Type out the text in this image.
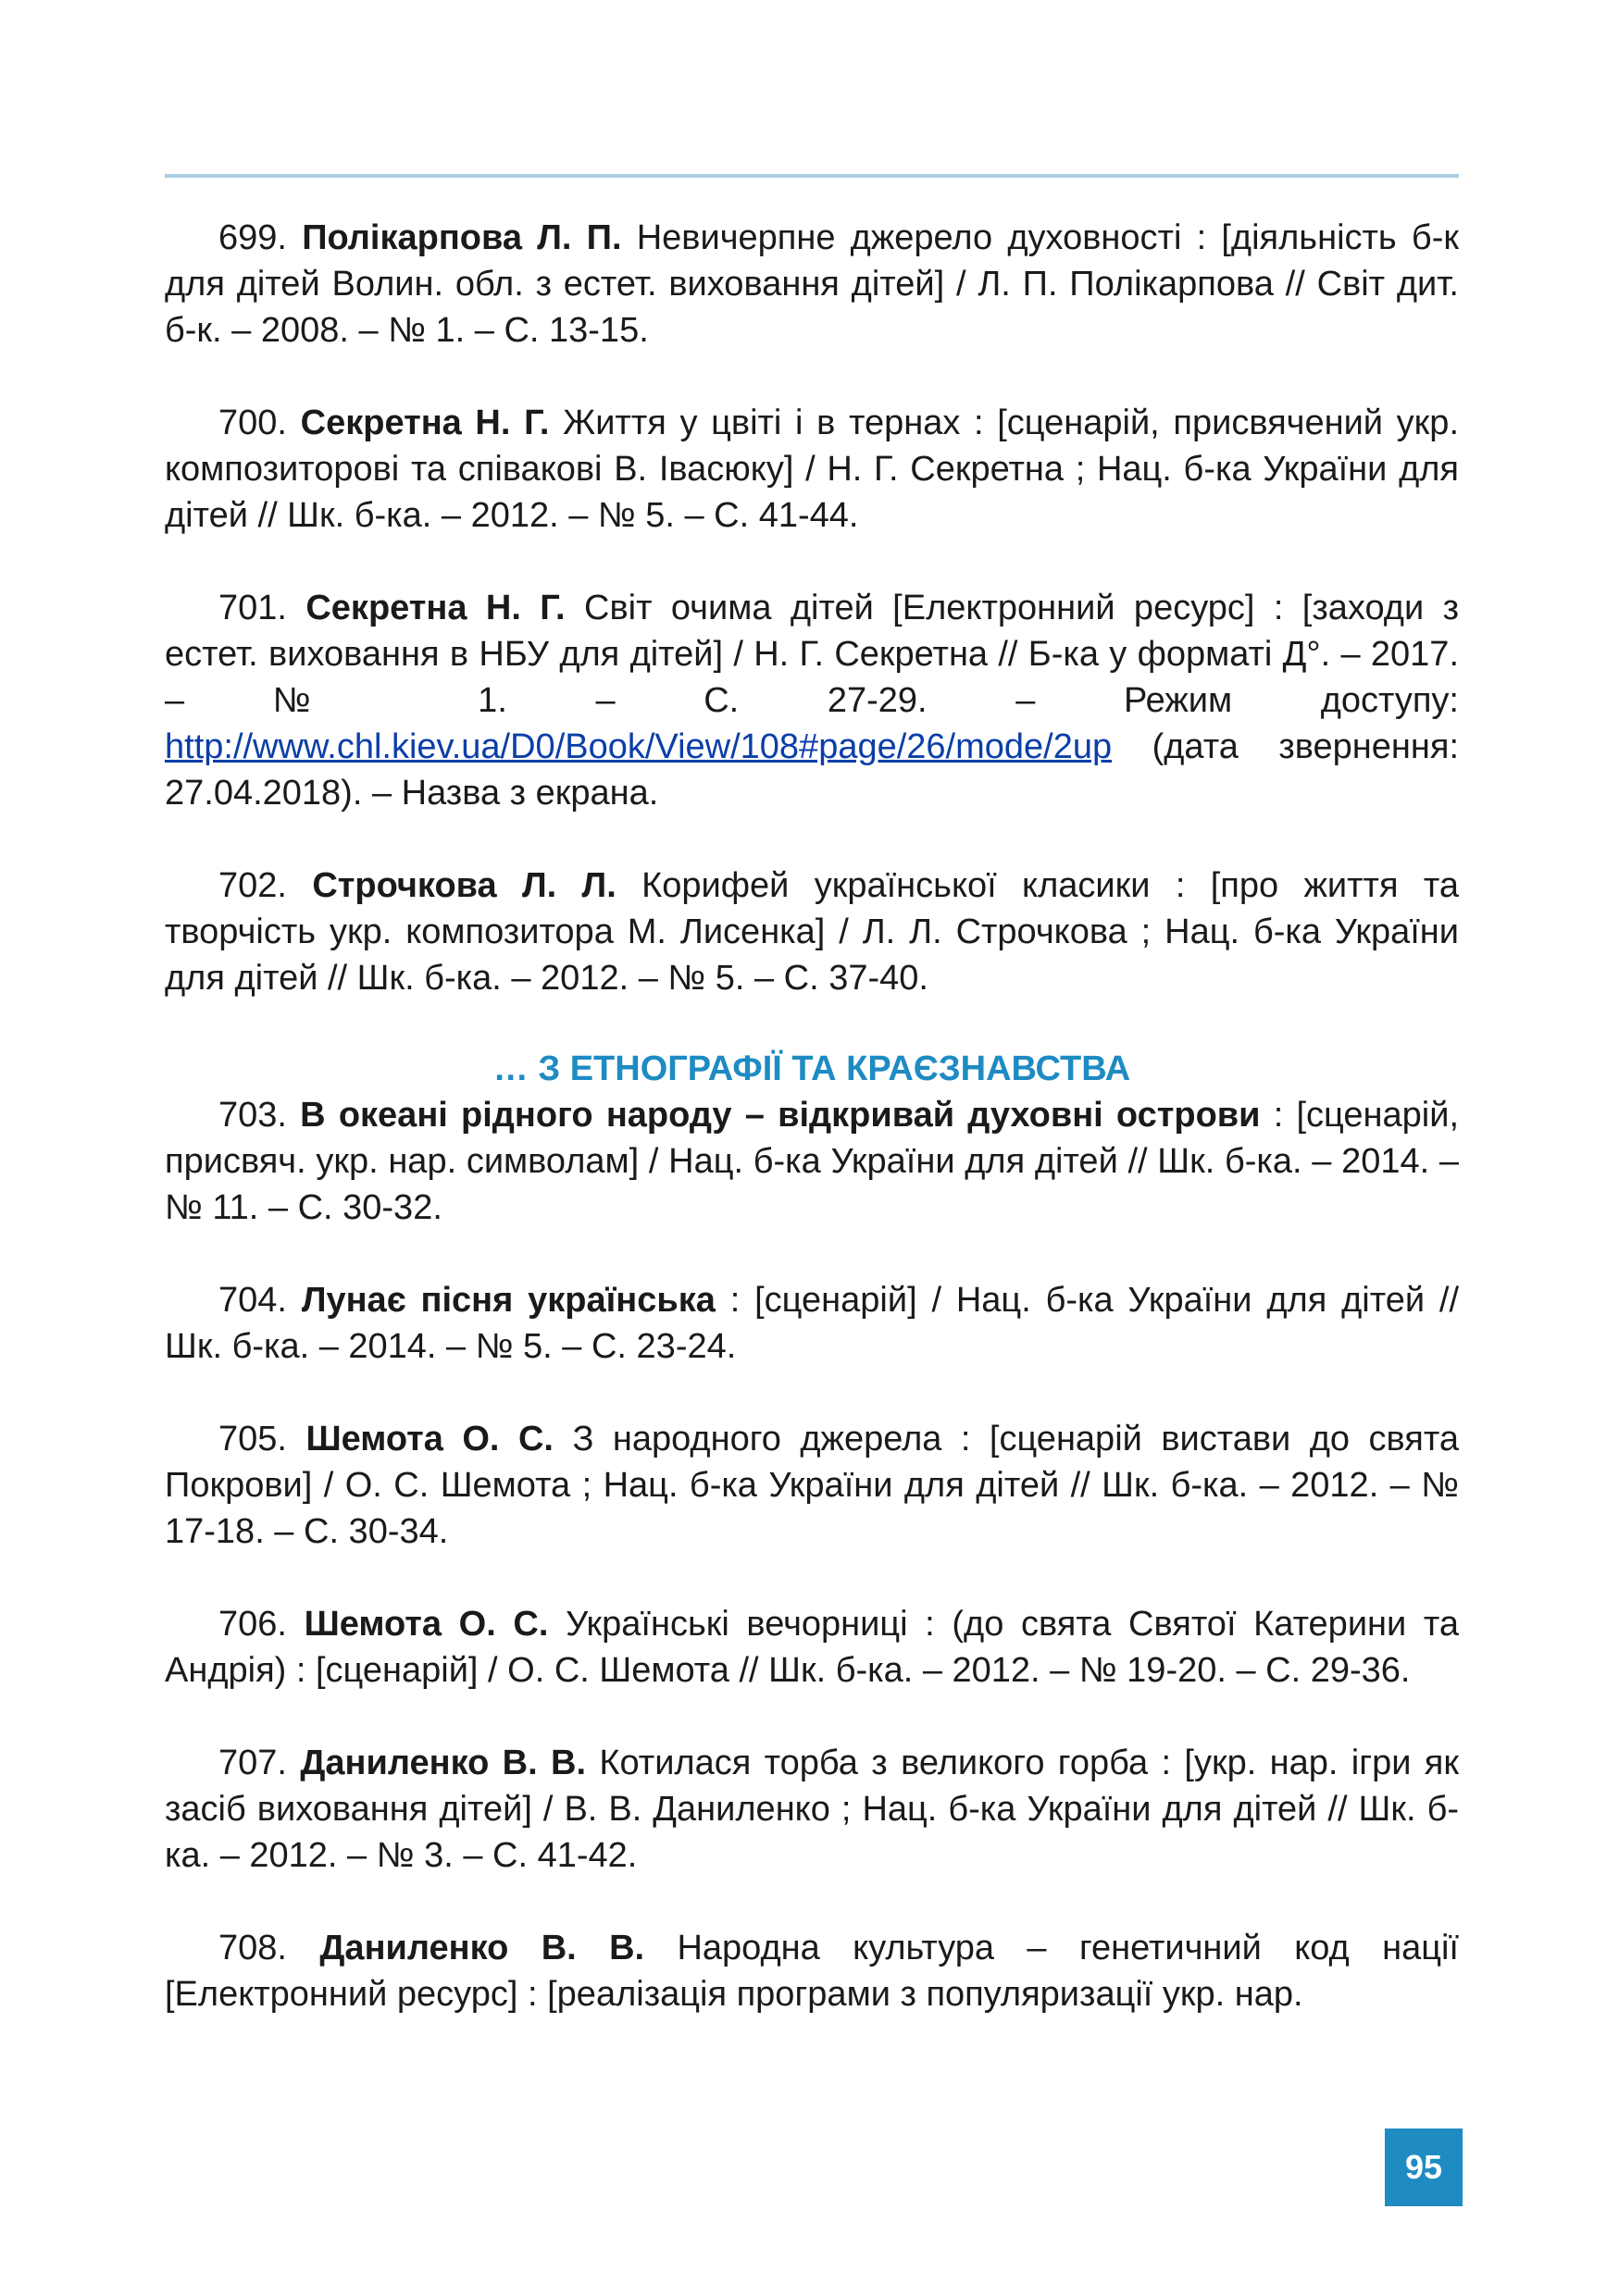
699. Полікарпова Л. П. Невичерпне джерело духовності : [діяльність б-к для дітей Волин. обл. з естет. виховання дітей] / Л. П. Полікарпова // Світ дит. б-к. – 2008. – № 1. – С. 13-15.

700. Секретна Н. Г. Життя у цвіті і в тернах : [сценарій, присвячений укр. композиторові та співакові В. Івасюку] / Н. Г. Секретна ; Нац. б-ка України для дітей // Шк. б-ка. – 2012. – № 5. – С. 41-44.

701. Секретна Н. Г. Світ очима дітей [Електронний ресурс] : [заходи з естет. виховання в НБУ для дітей] / Н. Г. Секретна // Б-ка у форматі Д°. – 2017. – № 1. – С. 27-29. – Режим доступу: http://www.chl.kiev.ua/D0/Book/View/108#page/26/mode/2up (дата звернення: 27.04.2018). – Назва з екрана.

702. Строчкова Л. Л. Корифей української класики : [про життя та творчість укр. композитора М. Лисенка] / Л. Л. Строчкова ; Нац. б-ка України для дітей // Шк. б-ка. – 2012. – № 5. – С. 37-40.

… З ЕТНОГРАФІЇ ТА КРАЄЗНАВСТВА

703. В океані рідного народу – відкривай духовні острови : [сценарій, присвяч. укр. нар. символам] / Нац. б-ка України для дітей // Шк. б-ка. – 2014. – № 11. – С. 30-32.

704. Лунає пісня українська : [сценарій] / Нац. б-ка України для дітей // Шк. б-ка. – 2014. – № 5. – С. 23-24.

705. Шемота О. С. З народного джерела : [сценарій вистави до свята Покрови] / О. С. Шемота ; Нац. б-ка України для дітей // Шк. б-ка. – 2012. – № 17-18. – С. 30-34.

706. Шемота О. С. Українські вечорниці : (до свята Святої Катерини та Андрія) : [сценарій] / О. С. Шемота // Шк. б-ка. – 2012. – № 19-20. – С. 29-36.

707. Даниленко В. В. Котилася торба з великого горба : [укр. нар. ігри як засіб виховання дітей] / В. В. Даниленко ; Нац. б-ка України для дітей // Шк. б-ка. – 2012. – № 3. – С. 41-42.

708. Даниленко В. В. Народна культура – генетичний код нації [Електронний ресурс] : [реалізація програми з популяризації укр. нар.

95
